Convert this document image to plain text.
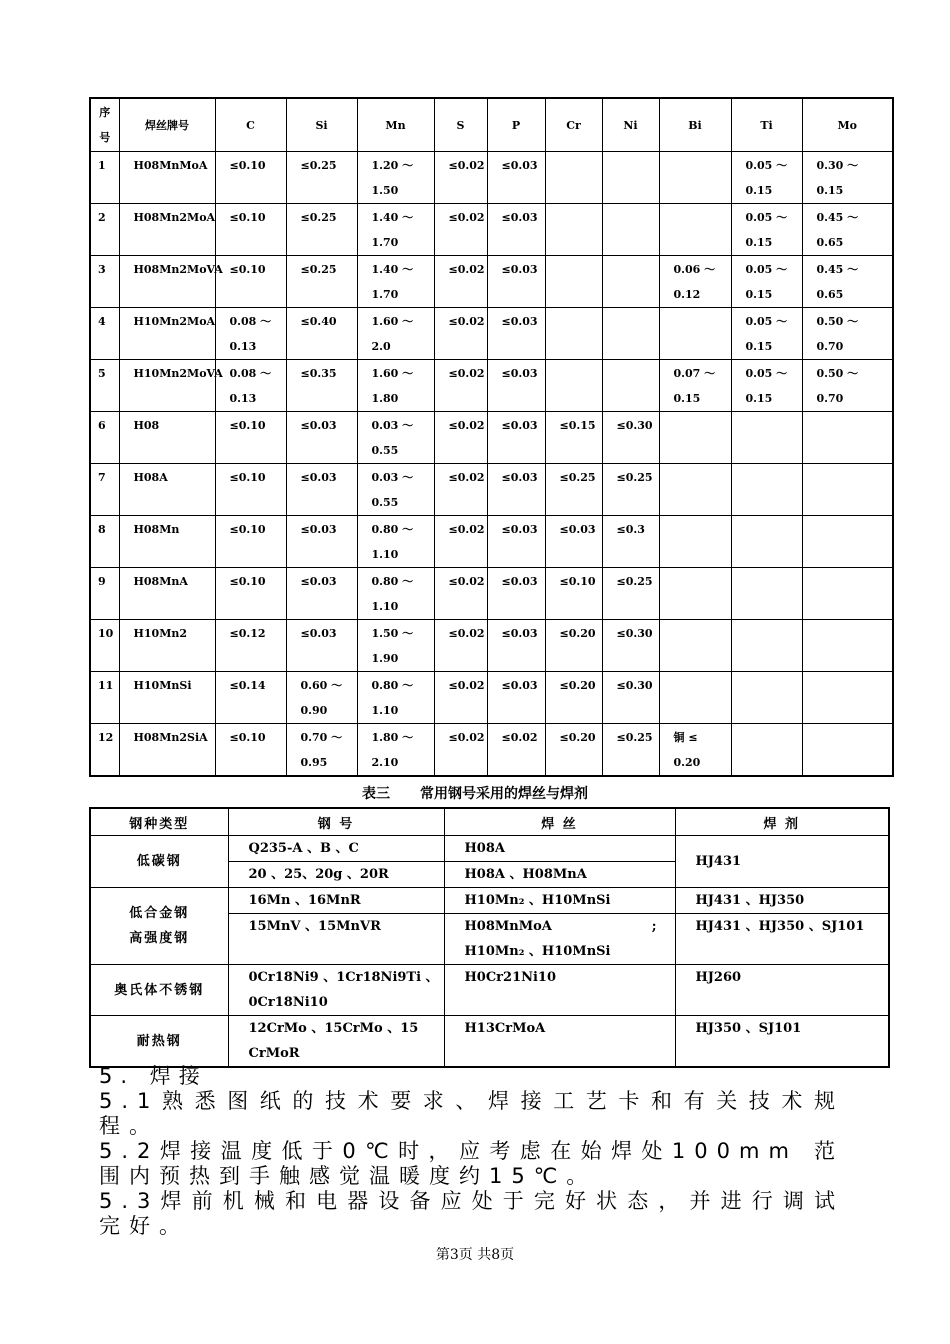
序
号	焊丝牌号	C	Si	Mn	S	P	Cr	Ni	Bi	Ti	Mo

1	H08MnMoA	≤0.10	≤0.25	1.20 ～ 1.50	≤0.02	≤0.03				0.05 ～ 0.15	0.30 ～ 0.15

2	H08Mn2MoA	≤0.10	≤0.25	1.40 ～ 1.70	≤0.02	≤0.03				0.05 ～ 0.15	0.45 ～ 0.65

3	H08Mn2MoVA	≤0.10	≤0.25	1.40 ～ 1.70	≤0.02	≤0.03			0.06 ～ 0.12	0.05 ～ 0.15	0.45 ～ 0.65

4	H10Mn2MoA	0.08 ～ 0.13	≤0.40	1.60 ～ 2.0	≤0.02	≤0.03				0.05 ～ 0.15	0.50 ～ 0.70

5	H10Mn2MoVA	0.08 ～ 0.13	≤0.35	1.60 ～ 1.80	≤0.02	≤0.03			0.07 ～ 0.15	0.05 ～ 0.15	0.50 ～ 0.70

6	H08	≤0.10	≤0.03	0.03 ～ 0.55	≤0.02	≤0.03	≤0.15	≤0.30			

7	H08A	≤0.10	≤0.03	0.03 ～ 0.55	≤0.02	≤0.03	≤0.25	≤0.25			

8	H08Mn	≤0.10	≤0.03	0.80 ～ 1.10	≤0.02	≤0.03	≤0.03	≤0.3			

9	H08MnA	≤0.10	≤0.03	0.80 ～ 1.10	≤0.02	≤0.03	≤0.10	≤0.25			

10	H10Mn2	≤0.12	≤0.03	1.50 ～ 1.90	≤0.02	≤0.03	≤0.20	≤0.30			

11	H10MnSi	≤0.14	0.60 ～ 0.90	0.80 ～ 1.10	≤0.02	≤0.03	≤0.20	≤0.30			

12	H08Mn2SiA	≤0.10	0.70 ～ 0.95	1.80 ～ 2.10	≤0.02	≤0.02	≤0.20	≤0.25	铜 ≤ 0.20		

表三 常用钢号采用的焊丝与焊剂
钢种类型	钢 号	焊 丝	焊 剂
低碳钢	Q235-A 、B 、C	H08A	HJ431
	20 、25、20g 、20R	H08A 、H08MnA	

低合金钢
高强度钢	16Mn 、16MnR	H10Mn₂ 、H10MnSi	HJ431 、HJ350
	15MnV 、15MnVR	H08MnMoA ;
H10Mn₂ 、H10MnSi	HJ431 、HJ350 、SJ101
奥氏体不锈钢	0Cr18Ni9 、1Cr18Ni9Ti 、
0Cr18Ni10	H0Cr21Ni10	HJ260
耐热钢	12CrMo 、15CrMo 、15
CrMoR	H13CrMoA	HJ350 、SJ101

5. 焊接

5.1熟悉图纸的技术要求、焊接工艺卡和有关技术规程。

5.2焊接温度低于0℃时，应考虑在始焊处100mm 范围内预热到手触感觉温暖度约15℃。

5.3焊前机械和电器设备应处于完好状态，并进行调试完好。

第3页 共8页
